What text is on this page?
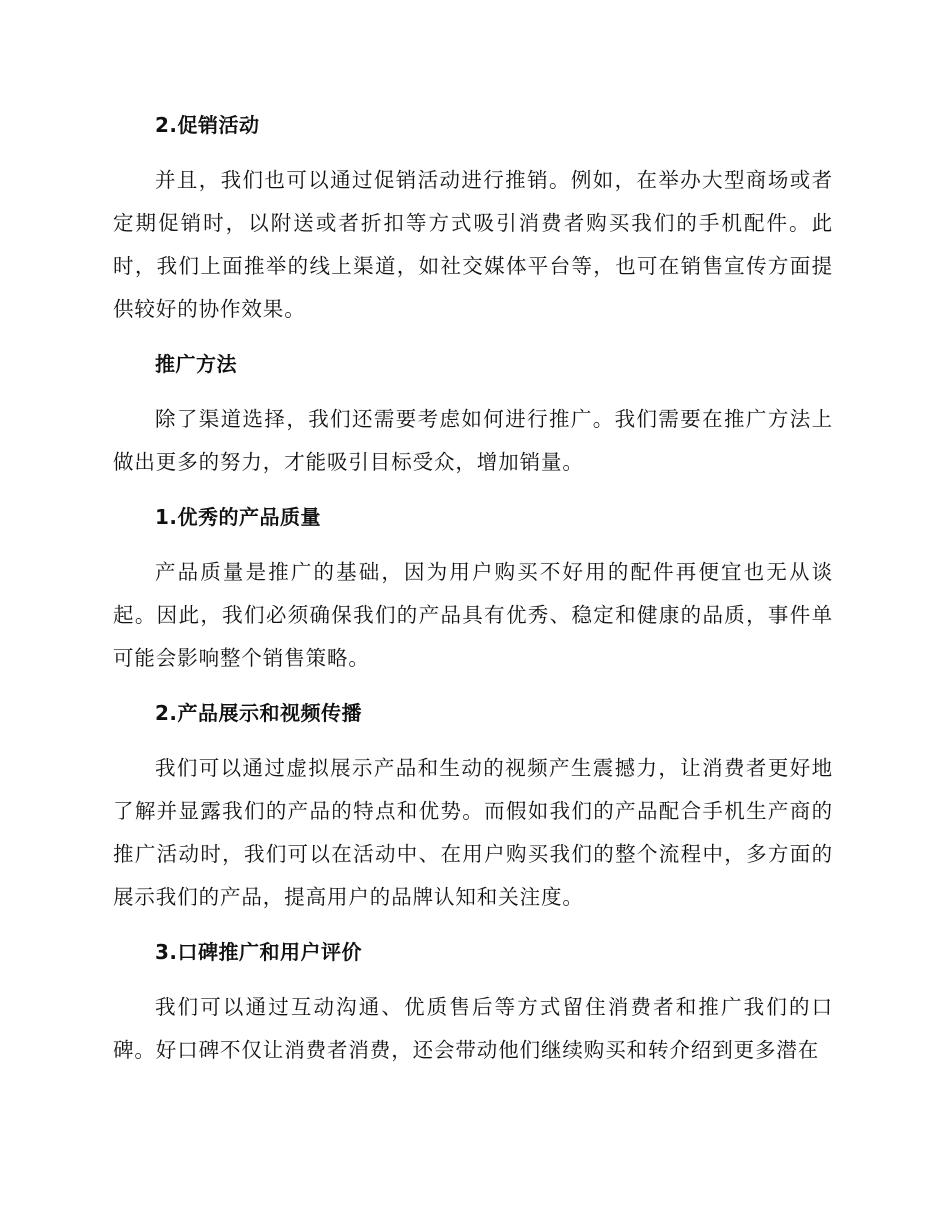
2.促销活动

并且，我们也可以通过促销活动进行推销。例如，在举办大型商场或者定期促销时，以附送或者折扣等方式吸引消费者购买我们的手机配件。此时，我们上面推举的线上渠道，如社交媒体平台等，也可在销售宣传方面提供较好的协作效果。

推广方法

除了渠道选择，我们还需要考虑如何进行推广。我们需要在推广方法上做出更多的努力，才能吸引目标受众，增加销量。

1.优秀的产品质量

产品质量是推广的基础，因为用户购买不好用的配件再便宜也无从谈起。因此，我们必须确保我们的产品具有优秀、稳定和健康的品质，事件单可能会影响整个销售策略。

2.产品展示和视频传播

我们可以通过虚拟展示产品和生动的视频产生震撼力，让消费者更好地了解并显露我们的产品的特点和优势。而假如我们的产品配合手机生产商的推广活动时，我们可以在活动中、在用户购买我们的整个流程中，多方面的展示我们的产品，提高用户的品牌认知和关注度。

3.口碑推广和用户评价

我们可以通过互动沟通、优质售后等方式留住消费者和推广我们的口碑。好口碑不仅让消费者消费，还会带动他们继续购买和转介绍到更多潜在
